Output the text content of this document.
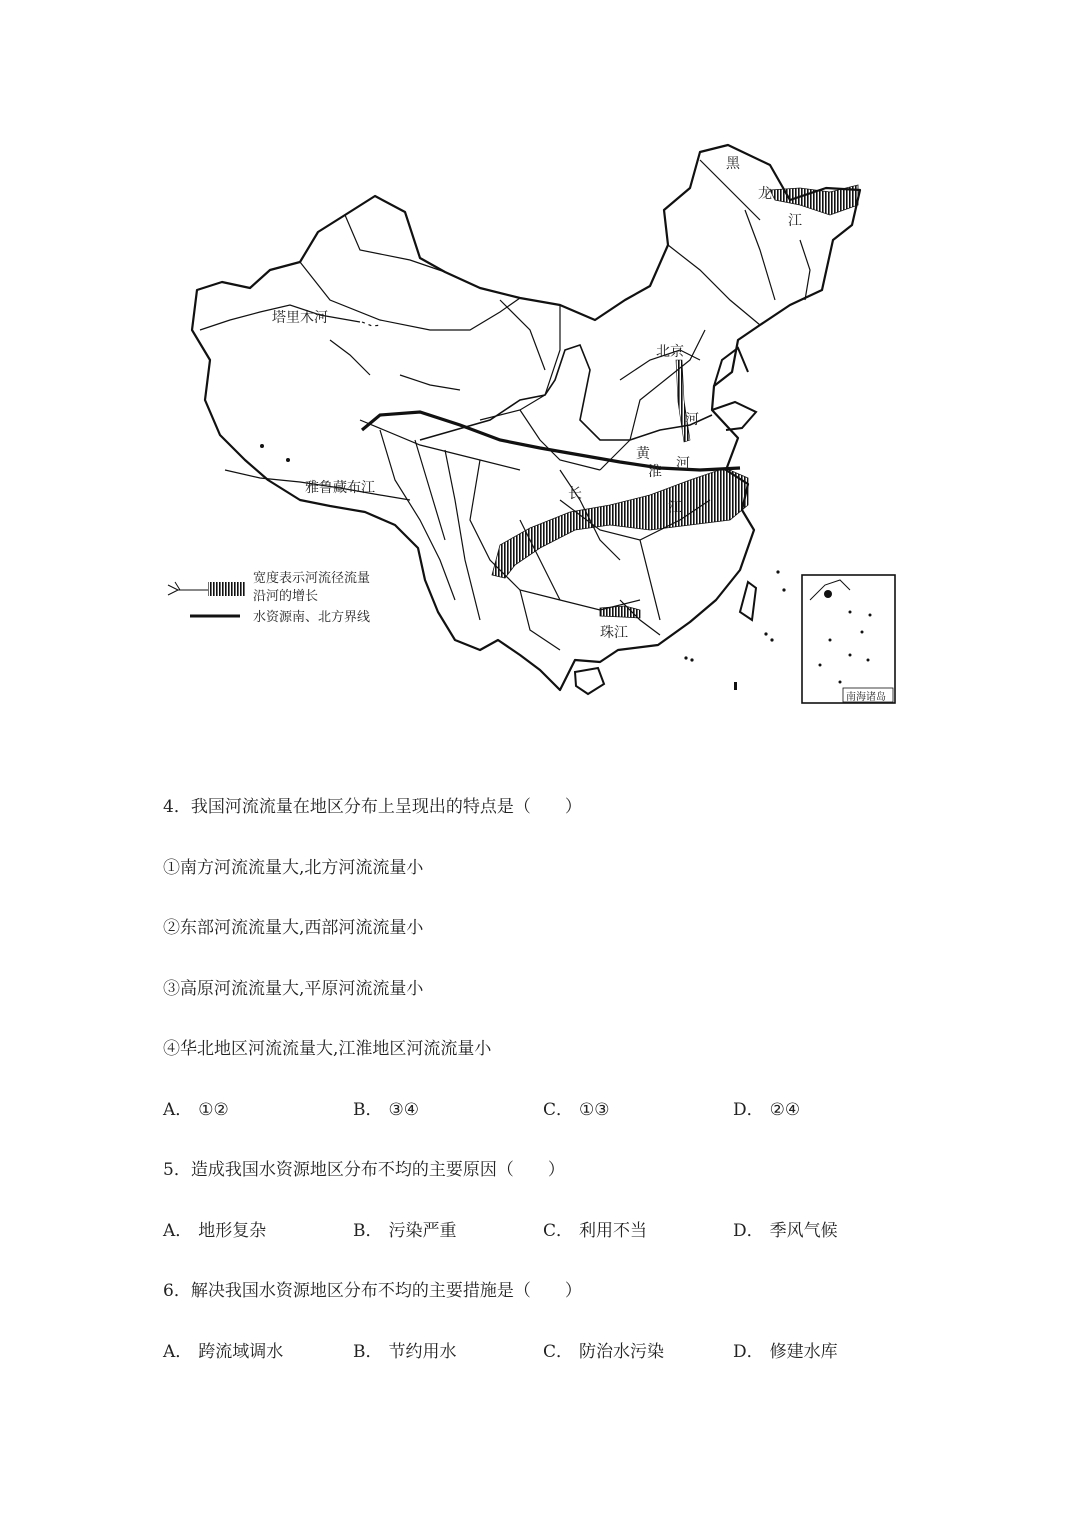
南海诸岛
黑
龙
江
塔里木河
雅鲁藏布江
北京
河
黄
淮 河
长
江
珠江
宽度表示河流径流量
沿河的增长
水资源南、北方界线
4．我国河流流量在地区分布上呈现出的特点是（　　）
①南方河流流量大,北方河流流量小
②东部河流流量大,西部河流流量小
③高原河流流量大,平原河流流量小
④华北地区河流流量大,江淮地区河流流量小
A． ①②	B． ③④	C． ①③	D． ②④
5．造成我国水资源地区分布不均的主要原因（　　）
A． 地形复杂	B． 污染严重	C． 利用不当	D． 季风气候
6．解决我国水资源地区分布不均的主要措施是（　　）
A． 跨流域调水	B． 节约用水	C． 防治水污染	D． 修建水库
